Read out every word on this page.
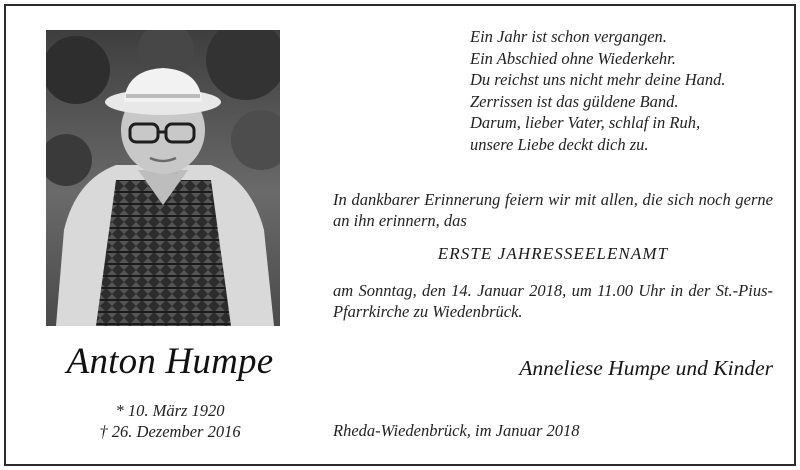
Anton Humpe
* 10. März 1920
† 26. Dezember 2016
Ein Jahr ist schon vergangen.
Ein Abschied ohne Wiederkehr.
Du reichst uns nicht mehr deine Hand.
Zerrissen ist das güldene Band.
Darum, lieber Vater, schlaf in Ruh,
unsere Liebe deckt dich zu.
In dankbarer Erinnerung feiern wir mit allen, die sich noch gerne an ihn erinnern, das
ERSTE JAHRESSEELENAMT
am Sonntag, den 14. Januar 2018, um 11.00 Uhr in der St.-Pius-Pfarrkirche zu Wiedenbrück.
Anneliese Humpe und Kinder
Rheda-Wiedenbrück, im Januar 2018
